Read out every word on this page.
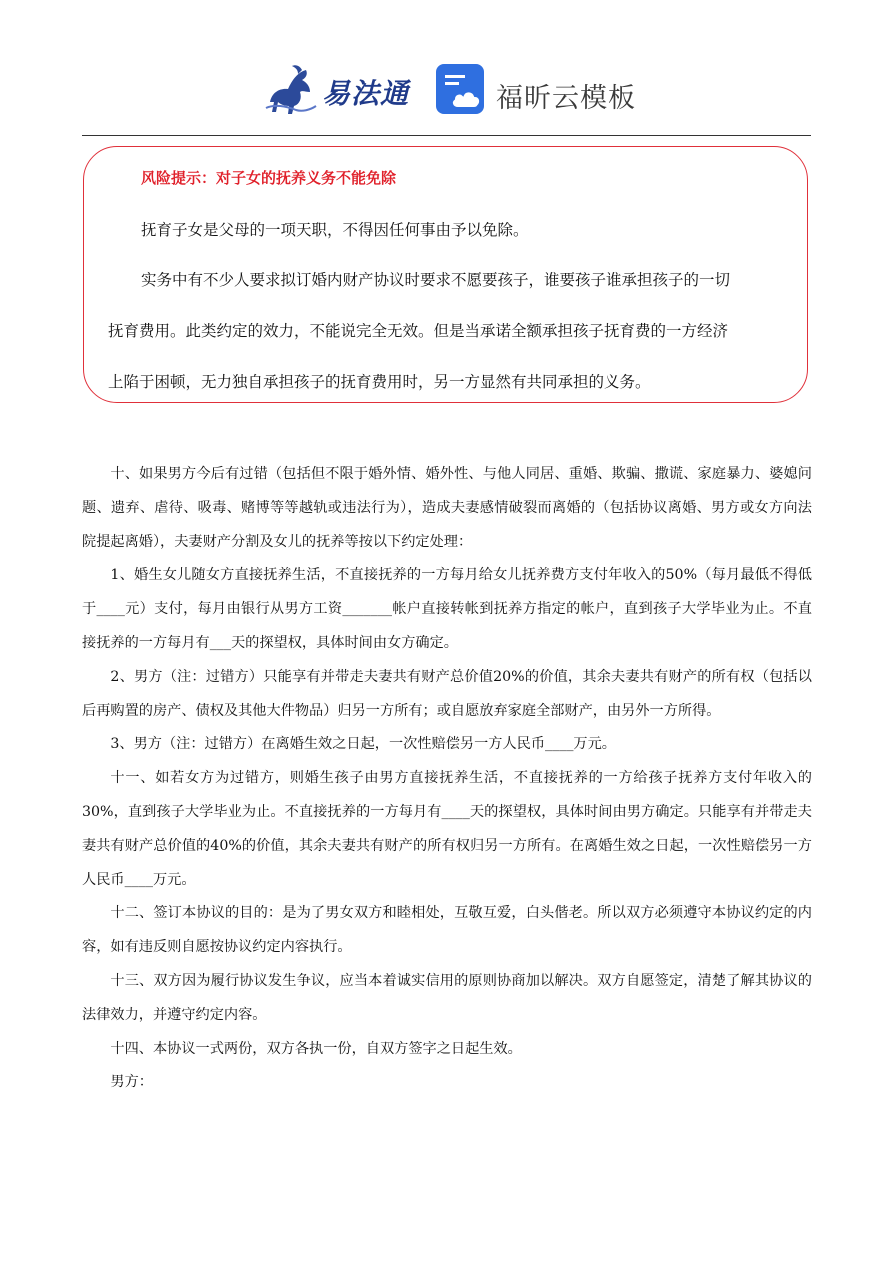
易法通	福昕云模板
风险提示：对子女的抚养义务不能免除
抚育子女是父母的一项天职，不得因任何事由予以免除。
实务中有不少人要求拟订婚内财产协议时要求不愿要孩子，谁要孩子谁承担孩子的一切
抚育费用。此类约定的效力，不能说完全无效。但是当承诺全额承担孩子抚育费的一方经济
上陷于困顿，无力独自承担孩子的抚育费用时，另一方显然有共同承担的义务。

十、如果男方今后有过错（包括但不限于婚外情、婚外性、与他人同居、重婚、欺骗、撒谎、家庭暴力、婆媳问题、遗弃、虐待、吸毒、赌博等等越轨或违法行为），造成夫妻感情破裂而离婚的（包括协议离婚、男方或女方向法院提起离婚），夫妻财产分割及女儿的抚养等按以下约定处理：

1、婚生女儿随女方直接抚养生活，不直接抚养的一方每月给女儿抚养费方支付年收入的50%（每月最低不得低于____元）支付，每月由银行从男方工资_______帐户直接转帐到抚养方指定的帐户，直到孩子大学毕业为止。不直接抚养的一方每月有___天的探望权，具体时间由女方确定。

2、男方（注：过错方）只能享有并带走夫妻共有财产总价值20%的价值，其余夫妻共有财产的所有权（包括以后再购置的房产、债权及其他大件物品）归另一方所有；或自愿放弃家庭全部财产，由另外一方所得。

3、男方（注：过错方）在离婚生效之日起，一次性赔偿另一方人民币____万元。

十一、如若女方为过错方，则婚生孩子由男方直接抚养生活，不直接抚养的一方给孩子抚养方支付年收入的30%，直到孩子大学毕业为止。不直接抚养的一方每月有____天的探望权，具体时间由男方确定。只能享有并带走夫妻共有财产总价值的40%的价值，其余夫妻共有财产的所有权归另一方所有。在离婚生效之日起，一次性赔偿另一方人民币____万元。

十二、签订本协议的目的：是为了男女双方和睦相处，互敬互爱，白头偕老。所以双方必须遵守本协议约定的内容，如有违反则自愿按协议约定内容执行。

十三、双方因为履行协议发生争议，应当本着诚实信用的原则协商加以解决。双方自愿签定，清楚了解其协议的法律效力，并遵守约定内容。

十四、本协议一式两份，双方各执一份，自双方签字之日起生效。

男方：
